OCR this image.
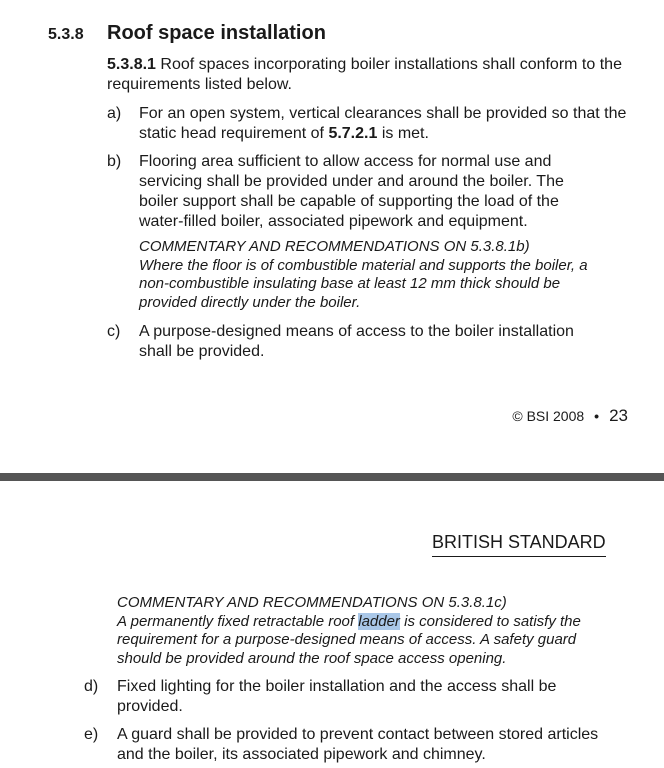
5.3.8 Roof space installation
5.3.8.1 Roof spaces incorporating boiler installations shall conform to the requirements listed below.
a) For an open system, vertical clearances shall be provided so that the static head requirement of 5.7.2.1 is met.
b) Flooring area sufficient to allow access for normal use and servicing shall be provided under and around the boiler. The boiler support shall be capable of supporting the load of the water-filled boiler, associated pipework and equipment.
COMMENTARY AND RECOMMENDATIONS ON 5.3.8.1b)
Where the floor is of combustible material and supports the boiler, a non-combustible insulating base at least 12 mm thick should be provided directly under the boiler.
c) A purpose-designed means of access to the boiler installation shall be provided.
© BSI 2008 • 23
BRITISH STANDARD
COMMENTARY AND RECOMMENDATIONS ON 5.3.8.1c)
A permanently fixed retractable roof ladder is considered to satisfy the requirement for a purpose-designed means of access. A safety guard should be provided around the roof space access opening.
d) Fixed lighting for the boiler installation and the access shall be provided.
e) A guard shall be provided to prevent contact between stored articles and the boiler, its associated pipework and chimney.
